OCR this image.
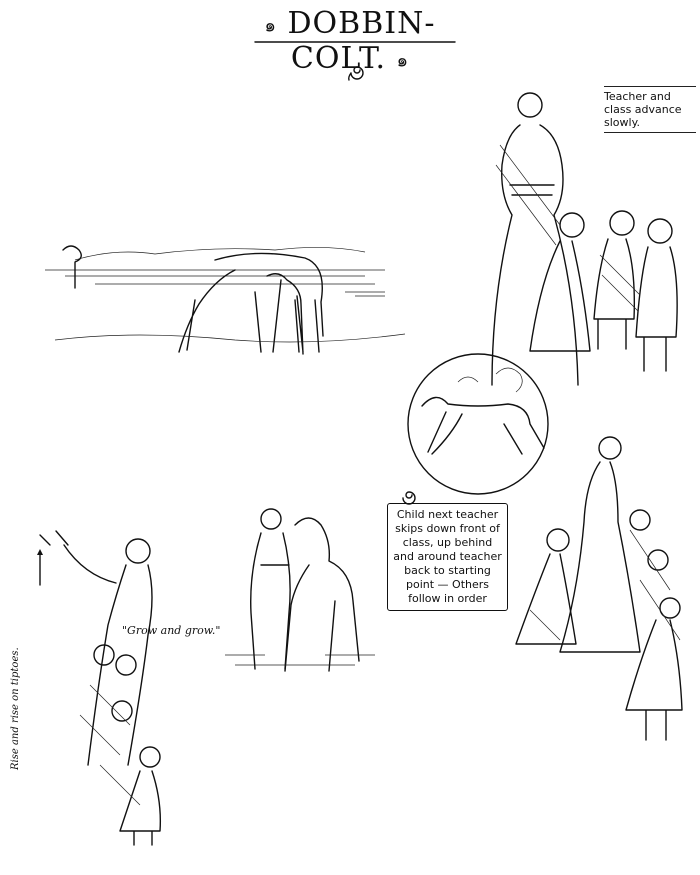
๑ DOBBIN-COLT. ๑
Teacher and class advance slowly.
Child next teacher skips down front of class, up behind and around teacher back to starting point — Others follow in order
"Grow and grow."
Rise and rise on tiptoes.
